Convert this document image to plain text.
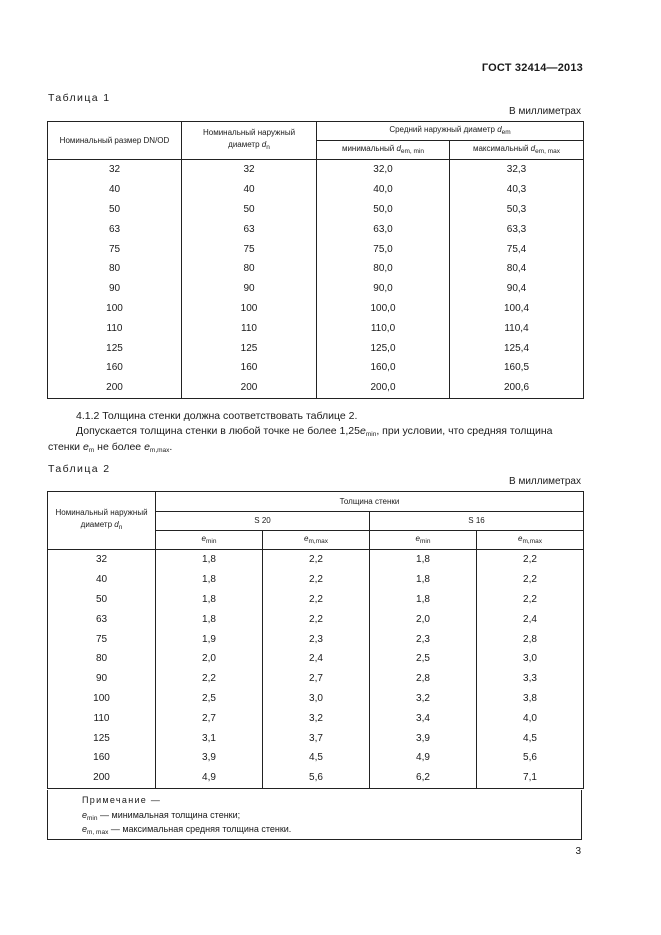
ГОСТ 32414—2013
Таблица 1
В миллиметрах
Номинальный размер DN/OD	Номинальный наружный диаметр $d_n$	Средний наружный диаметр $d_{em}$
		минимальный $d_{em, min}$	максимальный $d_{em, max}$
32	32	32,0	32,3
40	40	40,0	40,3
50	50	50,0	50,3
63	63	63,0	63,3
75	75	75,0	75,4
80	80	80,0	80,4
90	90	90,0	90,4
100	100	100,0	100,4
110	110	110,0	110,4
125	125	125,0	125,4
160	160	160,0	160,5
200	200	200,0	200,6
4.1.2 Толщина стенки должна соответствовать таблице 2.
Допускается толщина стенки в любой точке не более $1,25e_{min}$, при условии, что средняя толщина
стенки $e_m$ не более $e_{m,max}$.
Таблица 2
В миллиметрах
Номинальный наружный диаметр $d_n$	Толщина стенки			
	S 20		S 16	
	$e_{min}$	$e_{m,max}$	$e_{min}$	$e_{m,max}$
32	1,8	2,2	1,8	2,2
40	1,8	2,2	1,8	2,2
50	1,8	2,2	1,8	2,2
63	1,8	2,2	2,0	2,4
75	1,9	2,3	2,3	2,8
80	2,0	2,4	2,5	3,0
90	2,2	2,7	2,8	3,3
100	2,5	3,0	3,2	3,8
110	2,7	3,2	3,4	4,0
125	3,1	3,7	3,9	4,5
160	3,9	4,5	4,9	5,6
200	4,9	5,6	6,2	7,1
Примечание —
$e_{min}$ — минимальная толщина стенки;
$e_{m, max}$ — максимальная средняя толщина стенки.
3
